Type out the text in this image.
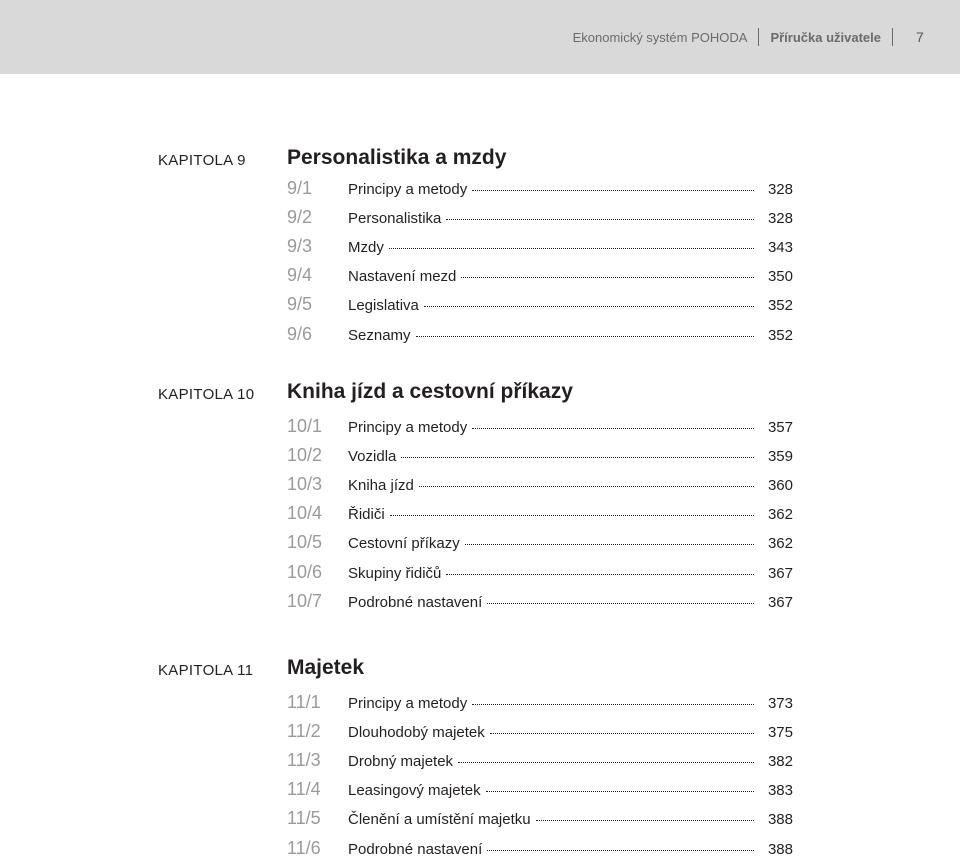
Ekonomický systém POHODA Příručka uživatele	7
KAPITOLA 9 Personalistika a mzdy
9/1 Principy a metody	328
9/2 Personalistika	328
9/3 Mzdy	343
9/4 Nastavení mezd	350
9/5 Legislativa	352
9/6 Seznamy	352
KAPITOLA 10 Kniha jízd a cestovní příkazy
10/1 Principy a metody	357
10/2 Vozidla	359
10/3 Kniha jízd	360
10/4 Řidiči	362
10/5 Cestovní příkazy	362
10/6 Skupiny řidičů	367
10/7 Podrobné nastavení	367
KAPITOLA 11 Majetek
11/1 Principy a metody	373
11/2 Dlouhodobý majetek	375
11/3 Drobný majetek	382
11/4 Leasingový majetek	383
11/5 Členění a umístění majetku	388
11/6 Podrobné nastavení	388
